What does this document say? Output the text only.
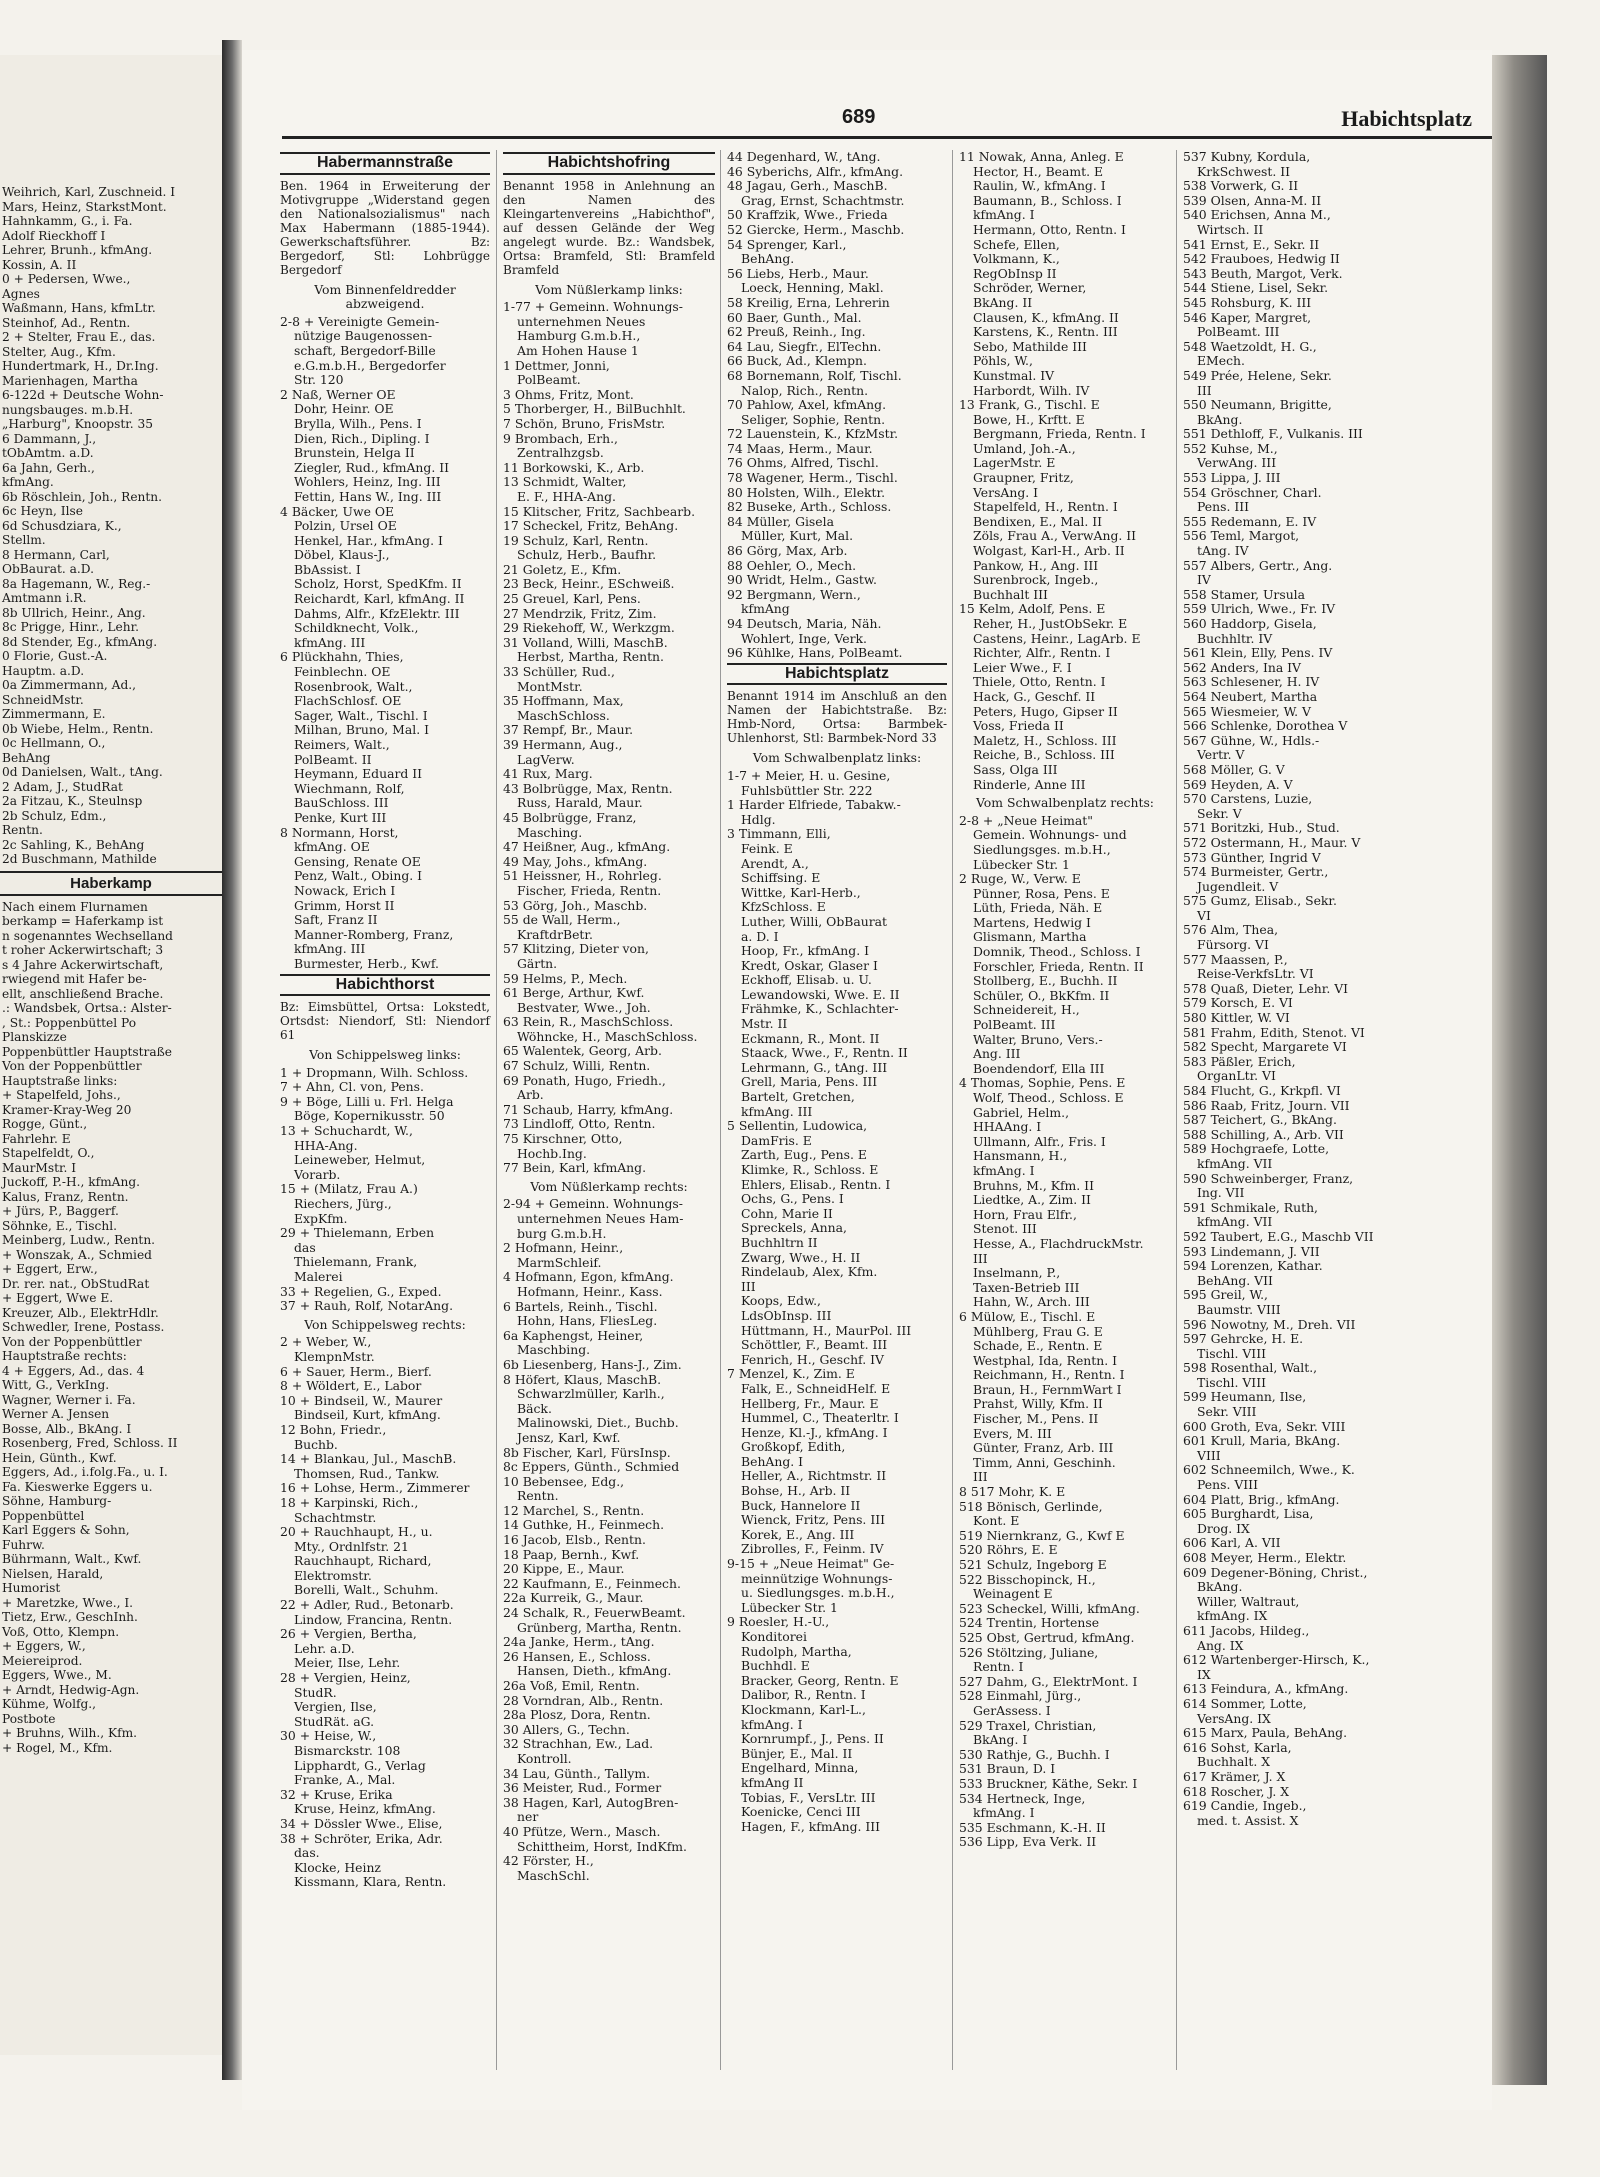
Weihrich, Karl, Zuschneid. I
Mars, Heinz, StarkstMont.
Hahnkamm, G., i. Fa.
Adolf Rieckhoff I
Lehrer, Brunh., kfmAng.
Kossin, A. II
0 + Pedersen, Wwe.,
Agnes
Waßmann, Hans, kfmLtr.
Steinhof, Ad., Rentn.
2 + Stelter, Frau E., das.
Stelter, Aug., Kfm.
Hundertmark, H., Dr.Ing.
Marienhagen, Martha
6-122d + Deutsche Wohn-
nungsbauges. m.b.H.
„Harburg", Knoopstr. 35
6 Dammann, J.,
tObAmtm. a.D.
6a Jahn, Gerh.,
kfmAng.
6b Röschlein, Joh., Rentn.
6c Heyn, Ilse
6d Schusdziara, K.,
Stellm.
8 Hermann, Carl,
ObBaurat. a.D.
8a Hagemann, W., Reg.-
Amtmann i.R.
8b Ullrich, Heinr., Ang.
8c Prigge, Hinr., Lehr.
8d Stender, Eg., kfmAng.
0 Florie, Gust.-A.
Hauptm. a.D.
0a Zimmermann, Ad.,
SchneidMstr.
Zimmermann, E.
0b Wiebe, Helm., Rentn.
0c Hellmann, O.,
BehAng
0d Danielsen, Walt., tAng.
2 Adam, J., StudRat
2a Fitzau, K., Steulnsp
2b Schulz, Edm.,
Rentn.
2c Sahling, K., BehAng
2d Buschmann, Mathilde
Haberkamp
Nach einem Flurnamen
berkamp = Haferkamp ist
n sogenanntes Wechselland
t roher Ackerwirtschaft; 3
s 4 Jahre Ackerwirtschaft,
rwiegend mit Hafer be-
ellt, anschließend Brache.
.: Wandsbek, Ortsa.: Alster-
, St.: Poppenbüttel Po
Planskizze
Poppenbüttler Hauptstraße
Von der Poppenbüttler
Hauptstraße links:
+ Stapelfeld, Johs.,
Kramer-Kray-Weg 20
Rogge, Günt.,
Fahrlehr. E
Stapelfeldt, O.,
MaurMstr. I
Juckoff, P.-H., kfmAng.
Kalus, Franz, Rentn.
+ Jürs, P., Baggerf.
Söhnke, E., Tischl.
Meinberg, Ludw., Rentn.
+ Wonszak, A., Schmied
+ Eggert, Erw.,
Dr. rer. nat., ObStudRat
+ Eggert, Wwe E.
Kreuzer, Alb., ElektrHdlr.
Schwedler, Irene, Postass.
Von der Poppenbüttler
Hauptstraße rechts:
4 + Eggers, Ad., das. 4
Witt, G., VerkIng.
Wagner, Werner i. Fa.
Werner A. Jensen
Bosse, Alb., BkAng. I
Rosenberg, Fred, Schloss. II
Hein, Günth., Kwf.
Eggers, Ad., i.folg.Fa., u. I.
Fa. Kieswerke Eggers u.
Söhne, Hamburg-
Poppenbüttel
Karl Eggers & Sohn,
Fuhrw.
Bührmann, Walt., Kwf.
Nielsen, Harald,
Humorist
+ Maretzke, Wwe., I.
Tietz, Erw., GeschInh.
Voß, Otto, Klempn.
+ Eggers, W.,
Meiereiprod.
Eggers, Wwe., M.
+ Arndt, Hedwig-Agn.
Kühme, Wolfg.,
Postbote
+ Bruhns, Wilh., Kfm.
+ Rogel, M., Kfm.
689	Habichtsplatz
Habermannstraße
Ben. 1964 in Erweiterung der Motivgruppe „Widerstand gegen den Nationalsozialismus" nach Max Habermann (1885-1944). Gewerkschaftsführer. Bz: Bergedorf, Stl: Lohbrügge Bergedorf
Vom Binnenfeldredder abzweigend.
2-8 + Vereinigte Gemein-
nützige Baugenossen-
schaft, Bergedorf-Bille
e.G.m.b.H., Bergedorfer
Str. 120
2 Naß, Werner OE
Dohr, Heinr. OE
Brylla, Wilh., Pens. I
Dien, Rich., Dipling. I
Brunstein, Helga II
Ziegler, Rud., kfmAng. II
Wohlers, Heinz, Ing. III
Fettin, Hans W., Ing. III
4 Bäcker, Uwe OE
Polzin, Ursel OE
Henkel, Har., kfmAng. I
Döbel, Klaus-J.,
BbAssist. I
Scholz, Horst, SpedKfm. II
Reichardt, Karl, kfmAng. II
Dahms, Alfr., KfzElektr. III
Schildknecht, Volk.,
kfmAng. III
6 Plückhahn, Thies,
Feinblechn. OE
Rosenbrook, Walt.,
FlachSchlosf. OE
Sager, Walt., Tischl. I
Milhan, Bruno, Mal. I
Reimers, Walt.,
PolBeamt. II
Heymann, Eduard II
Wiechmann, Rolf,
BauSchloss. III
Penke, Kurt III
8 Normann, Horst,
kfmAng. OE
Gensing, Renate OE
Penz, Walt., Obing. I
Nowack, Erich I
Grimm, Horst II
Saft, Franz II
Manner-Romberg, Franz,
kfmAng. III
Burmester, Herb., Kwf.
Habichthorst
Bz: Eimsbüttel, Ortsa: Lokstedt, Ortsdst: Niendorf, Stl: Niendorf 61
Von Schippelsweg links:
1 + Dropmann, Wilh. Schloss.
7 + Ahn, Cl. von, Pens.
9 + Böge, Lilli u. Frl. Helga
Böge, Kopernikusstr. 50
13 + Schuchardt, W.,
HHA-Ang.
Leineweber, Helmut,
Vorarb.
15 + (Milatz, Frau A.)
Riechers, Jürg.,
ExpKfm.
29 + Thielemann, Erben
das
Thielemann, Frank,
Malerei
33 + Regelien, G., Exped.
37 + Rauh, Rolf, NotarAng.
Von Schippelsweg rechts:
2 + Weber, W.,
KlempnMstr.
6 + Sauer, Herm., Bierf.
8 + Wöldert, E., Labor
10 + Bindseil, W., Maurer
Bindseil, Kurt, kfmAng.
12 Bohn, Friedr.,
Buchb.
14 + Blankau, Jul., MaschB.
Thomsen, Rud., Tankw.
16 + Lohse, Herm., Zimmerer
18 + Karpinski, Rich.,
Schachtmstr.
20 + Rauchhaupt, H., u.
Mty., Ordnlfstr. 21
Rauchhaupt, Richard,
Elektromstr.
Borelli, Walt., Schuhm.
22 + Adler, Rud., Betonarb.
Lindow, Francina, Rentn.
26 + Vergien, Bertha,
Lehr. a.D.
Meier, Ilse, Lehr.
28 + Vergien, Heinz,
StudR.
Vergien, Ilse,
StudRät. aG.
30 + Heise, W.,
Bismarckstr. 108
Lipphardt, G., Verlag
Franke, A., Mal.
32 + Kruse, Erika
Kruse, Heinz, kfmAng.
34 + Dössler Wwe., Elise,
38 + Schröter, Erika, Adr.
das.
Klocke, Heinz
Kissmann, Klara, Rentn.
Habichtshofring
Benannt 1958 in Anlehnung an den Namen des Kleingartenvereins „Habichthof", auf dessen Gelände der Weg angelegt wurde. Bz.: Wandsbek, Ortsa: Bramfeld, Stl: Bramfeld Bramfeld
Vom Nüßlerkamp links:
1-77 + Gemeinn. Wohnungs-
unternehmen Neues
Hamburg G.m.b.H.,
Am Hohen Hause 1
1 Dettmer, Jonni,
PolBeamt.
3 Ohms, Fritz, Mont.
5 Thorberger, H., BilBuchhlt.
7 Schön, Bruno, FrisMstr.
9 Brombach, Erh.,
Zentralhzgsb.
11 Borkowski, K., Arb.
13 Schmidt, Walter,
E. F., HHA-Ang.
15 Klitscher, Fritz, Sachbearb.
17 Scheckel, Fritz, BehAng.
19 Schulz, Karl, Rentn.
Schulz, Herb., Baufhr.
21 Goletz, E., Kfm.
23 Beck, Heinr., ESchweiß.
25 Greuel, Karl, Pens.
27 Mendrzik, Fritz, Zim.
29 Riekehoff, W., Werkzgm.
31 Volland, Willi, MaschB.
Herbst, Martha, Rentn.
33 Schüller, Rud.,
MontMstr.
35 Hoffmann, Max,
MaschSchloss.
37 Rempf, Br., Maur.
39 Hermann, Aug.,
LagVerw.
41 Rux, Marg.
43 Bolbrügge, Max, Rentn.
Russ, Harald, Maur.
45 Bolbrügge, Franz,
Masching.
47 Heißner, Aug., kfmAng.
49 May, Johs., kfmAng.
51 Heissner, H., Rohrleg.
Fischer, Frieda, Rentn.
53 Görg, Joh., Maschb.
55 de Wall, Herm.,
KraftdrBetr.
57 Klitzing, Dieter von,
Gärtn.
59 Helms, P., Mech.
61 Berge, Arthur, Kwf.
Bestvater, Wwe., Joh.
63 Rein, R., MaschSchloss.
Wöhncke, H., MaschSchloss.
65 Walentek, Georg, Arb.
67 Schulz, Willi, Rentn.
69 Ponath, Hugo, Friedh.,
Arb.
71 Schaub, Harry, kfmAng.
73 Lindloff, Otto, Rentn.
75 Kirschner, Otto,
Hochb.Ing.
77 Bein, Karl, kfmAng.
Vom Nüßlerkamp rechts:
2-94 + Gemeinn. Wohnungs-
unternehmen Neues Ham-
burg G.m.b.H.
2 Hofmann, Heinr.,
MarmSchleif.
4 Hofmann, Egon, kfmAng.
Hofmann, Heinr., Kass.
6 Bartels, Reinh., Tischl.
Hohn, Hans, FliesLeg.
6a Kaphengst, Heiner,
Maschbing.
6b Liesenberg, Hans-J., Zim.
8 Höfert, Klaus, MaschB.
Schwarzlmüller, Karlh.,
Bäck.
Malinowski, Diet., Buchb.
Jensz, Karl, Kwf.
8b Fischer, Karl, FürsInsp.
8c Eppers, Günth., Schmied
10 Bebensee, Edg.,
Rentn.
12 Marchel, S., Rentn.
14 Guthke, H., Feinmech.
16 Jacob, Elsb., Rentn.
18 Paap, Bernh., Kwf.
20 Kippe, E., Maur.
22 Kaufmann, E., Feinmech.
22a Kurreik, G., Maur.
24 Schalk, R., FeuerwBeamt.
Grünberg, Martha, Rentn.
24a Janke, Herm., tAng.
26 Hansen, E., Schloss.
Hansen, Dieth., kfmAng.
26a Voß, Emil, Rentn.
28 Vorndran, Alb., Rentn.
28a Plosz, Dora, Rentn.
30 Allers, G., Techn.
32 Strachhan, Ew., Lad.
Kontroll.
34 Lau, Günth., Tallym.
36 Meister, Rud., Former
38 Hagen, Karl, AutogBren-
ner
40 Pfütze, Wern., Masch.
Schittheim, Horst, IndKfm.
42 Förster, H.,
MaschSchl.
44 Degenhard, W., tAng.
46 Syberichs, Alfr., kfmAng.
48 Jagau, Gerh., MaschB.
Grag, Ernst, Schachtmstr.
50 Kraffzik, Wwe., Frieda
52 Giercke, Herm., Maschb.
54 Sprenger, Karl.,
BehAng.
56 Liebs, Herb., Maur.
Loeck, Henning, Makl.
58 Kreilig, Erna, Lehrerin
60 Baer, Gunth., Mal.
62 Preuß, Reinh., Ing.
64 Lau, Siegfr., ElTechn.
66 Buck, Ad., Klempn.
68 Bornemann, Rolf, Tischl.
Nalop, Rich., Rentn.
70 Pahlow, Axel, kfmAng.
Seliger, Sophie, Rentn.
72 Lauenstein, K., KfzMstr.
74 Maas, Herm., Maur.
76 Ohms, Alfred, Tischl.
78 Wagener, Herm., Tischl.
80 Holsten, Wilh., Elektr.
82 Buseke, Arth., Schloss.
84 Müller, Gisela
Müller, Kurt, Mal.
86 Görg, Max, Arb.
88 Oehler, O., Mech.
90 Wridt, Helm., Gastw.
92 Bergmann, Wern.,
kfmAng
94 Deutsch, Maria, Näh.
Wohlert, Inge, Verk.
96 Kühlke, Hans, PolBeamt.
Habichtsplatz
Benannt 1914 im Anschluß an den Namen der Habichtstraße. Bz: Hmb-Nord, Ortsa: Barmbek-Uhlenhorst, Stl: Barmbek-Nord 33
Vom Schwalbenplatz links:
1-7 + Meier, H. u. Gesine,
Fuhlsbüttler Str. 222
1 Harder Elfriede, Tabakw.-
Hdlg.
3 Timmann, Elli,
Feink. E
Arendt, A.,
Schiffsing. E
Wittke, Karl-Herb.,
KfzSchloss. E
Luther, Willi, ObBaurat
a. D. I
Hoop, Fr., kfmAng. I
Kredt, Oskar, Glaser I
Eckhoff, Elisab. u. U.
Lewandowski, Wwe. E. II
Frähmke, K., Schlachter-
Mstr. II
Eckmann, R., Mont. II
Staack, Wwe., F., Rentn. II
Lehrmann, G., tAng. III
Grell, Maria, Pens. III
Bartelt, Gretchen,
kfmAng. III
5 Sellentin, Ludowica,
DamFris. E
Zarth, Eug., Pens. E
Klimke, R., Schloss. E
Ehlers, Elisab., Rentn. I
Ochs, G., Pens. I
Cohn, Marie II
Spreckels, Anna,
Buchhltrn II
Zwarg, Wwe., H. II
Rindelaub, Alex, Kfm.
III
Koops, Edw.,
LdsObInsp. III
Hüttmann, H., MaurPol. III
Schöttler, F., Beamt. III
Fenrich, H., Geschf. IV
7 Menzel, K., Zim. E
Falk, E., SchneidHelf. E
Hellberg, Fr., Maur. E
Hummel, C., Theaterltr. I
Henze, Kl.-J., kfmAng. I
Großkopf, Edith,
BehAng. I
Heller, A., Richtmstr. II
Bohse, H., Arb. II
Buck, Hannelore II
Wienck, Fritz, Pens. III
Korek, E., Ang. III
Zibrolles, F., Feinm. IV
9-15 + „Neue Heimat" Ge-
meinnützige Wohnungs-
u. Siedlungsges. m.b.H.,
Lübecker Str. 1
9 Roesler, H.-U.,
Konditorei
Rudolph, Martha,
Buchhdl. E
Bracker, Georg, Rentn. E
Dalibor, R., Rentn. I
Klockmann, Karl-L.,
kfmAng. I
Kornrumpf., J., Pens. II
Bünjer, E., Mal. II
Engelhard, Minna,
kfmAng II
Tobias, F., VersLtr. III
Koenicke, Cenci III
Hagen, F., kfmAng. III
11 Nowak, Anna, Anleg. E
Hector, H., Beamt. E
Raulin, W., kfmAng. I
Baumann, B., Schloss. I
kfmAng. I
Hermann, Otto, Rentn. I
Schefe, Ellen,
Volkmann, K.,
RegObInsp II
Schröder, Werner,
BkAng. II
Clausen, K., kfmAng. II
Karstens, K., Rentn. III
Sebo, Mathilde III
Pöhls, W.,
Kunstmal. IV
Harbordt, Wilh. IV
13 Frank, G., Tischl. E
Bowe, H., Krftt. E
Bergmann, Frieda, Rentn. I
Umland, Joh.-A.,
LagerMstr. E
Graupner, Fritz,
VersAng. I
Stapelfeld, H., Rentn. I
Bendixen, E., Mal. II
Zöls, Frau A., VerwAng. II
Wolgast, Karl-H., Arb. II
Pankow, H., Ang. III
Surenbrock, Ingeb.,
Buchhalt III
15 Kelm, Adolf, Pens. E
Reher, H., JustObSekr. E
Castens, Heinr., LagArb. E
Richter, Alfr., Rentn. I
Leier Wwe., F. I
Thiele, Otto, Rentn. I
Hack, G., Geschf. II
Peters, Hugo, Gipser II
Voss, Frieda II
Maletz, H., Schloss. III
Reiche, B., Schloss. III
Sass, Olga III
Rinderle, Anne III
Vom Schwalbenplatz rechts:
2-8 + „Neue Heimat"
Gemein. Wohnungs- und
Siedlungsges. m.b.H.,
Lübecker Str. 1
2 Ruge, W., Verw. E
Pünner, Rosa, Pens. E
Lüth, Frieda, Näh. E
Martens, Hedwig I
Glismann, Martha
Domnik, Theod., Schloss. I
Forschler, Frieda, Rentn. II
Stollberg, E., Buchh. II
Schüler, O., BkKfm. II
Schneidereit, H.,
PolBeamt. III
Walter, Bruno, Vers.-
Ang. III
Boendendorf, Ella III
4 Thomas, Sophie, Pens. E
Wolf, Theod., Schloss. E
Gabriel, Helm.,
HHAAng. I
Ullmann, Alfr., Fris. I
Hansmann, H.,
kfmAng. I
Bruhns, M., Kfm. II
Liedtke, A., Zim. II
Horn, Frau Elfr.,
Stenot. III
Hesse, A., FlachdruckMstr.
III
Inselmann, P.,
Taxen-Betrieb III
Hahn, W., Arch. III
6 Mülow, E., Tischl. E
Mühlberg, Frau G. E
Schade, E., Rentn. E
Westphal, Ida, Rentn. I
Reichmann, H., Rentn. I
Braun, H., FernmWart I
Prahst, Willy, Kfm. II
Fischer, M., Pens. II
Evers, M. III
Günter, Franz, Arb. III
Timm, Anni, Geschinh.
III
8 517 Mohr, K. E
518 Bönisch, Gerlinde,
Kont. E
519 Niernkranz, G., Kwf E
520 Röhrs, E. E
521 Schulz, Ingeborg E
522 Bisschopinck, H.,
Weinagent E
523 Scheckel, Willi, kfmAng.
524 Trentin, Hortense
525 Obst, Gertrud, kfmAng.
526 Stöltzing, Juliane,
Rentn. I
527 Dahm, G., ElektrMont. I
528 Einmahl, Jürg.,
GerAssess. I
529 Traxel, Christian,
BkAng. I
530 Rathje, G., Buchh. I
531 Braun, D. I
533 Bruckner, Käthe, Sekr. I
534 Hertneck, Inge,
kfmAng. I
535 Eschmann, K.-H. II
536 Lipp, Eva Verk. II
537 Kubny, Kordula,
KrkSchwest. II
538 Vorwerk, G. II
539 Olsen, Anna-M. II
540 Erichsen, Anna M.,
Wirtsch. II
541 Ernst, E., Sekr. II
542 Frauboes, Hedwig II
543 Beuth, Margot, Verk.
544 Stiene, Lisel, Sekr.
545 Rohsburg, K. III
546 Kaper, Margret,
PolBeamt. III
548 Waetzoldt, H. G.,
EMech.
549 Prée, Helene, Sekr.
III
550 Neumann, Brigitte,
BkAng.
551 Dethloff, F., Vulkanis. III
552 Kuhse, M.,
VerwAng. III
553 Lippa, J. III
554 Gröschner, Charl.
Pens. III
555 Redemann, E. IV
556 Teml, Margot,
tAng. IV
557 Albers, Gertr., Ang.
IV
558 Stamer, Ursula
559 Ulrich, Wwe., Fr. IV
560 Haddorp, Gisela,
Buchhltr. IV
561 Klein, Elly, Pens. IV
562 Anders, Ina IV
563 Schlesener, H. IV
564 Neubert, Martha
565 Wiesmeier, W. V
566 Schlenke, Dorothea V
567 Gühne, W., Hdls.-
Vertr. V
568 Möller, G. V
569 Heyden, A. V
570 Carstens, Luzie,
Sekr. V
571 Boritzki, Hub., Stud.
572 Ostermann, H., Maur. V
573 Günther, Ingrid V
574 Burmeister, Gertr.,
Jugendleit. V
575 Gumz, Elisab., Sekr.
VI
576 Alm, Thea,
Fürsorg. VI
577 Maassen, P.,
Reise-VerkfsLtr. VI
578 Quaß, Dieter, Lehr. VI
579 Korsch, E. VI
580 Kittler, W. VI
581 Frahm, Edith, Stenot. VI
582 Specht, Margarete VI
583 Päßler, Erich,
OrganLtr. VI
584 Flucht, G., Krkpfl. VI
586 Raab, Fritz, Journ. VII
587 Teichert, G., BkAng.
588 Schilling, A., Arb. VII
589 Hochgraefe, Lotte,
kfmAng. VII
590 Schweinberger, Franz,
Ing. VII
591 Schmikale, Ruth,
kfmAng. VII
592 Taubert, E.G., Maschb VII
593 Lindemann, J. VII
594 Lorenzen, Kathar.
BehAng. VII
595 Greil, W.,
Baumstr. VIII
596 Nowotny, M., Dreh. VII
597 Gehrcke, H. E.
Tischl. VIII
598 Rosenthal, Walt.,
Tischl. VIII
599 Heumann, Ilse,
Sekr. VIII
600 Groth, Eva, Sekr. VIII
601 Krull, Maria, BkAng.
VIII
602 Schneemilch, Wwe., K.
Pens. VIII
604 Platt, Brig., kfmAng.
605 Burghardt, Lisa,
Drog. IX
606 Karl, A. VII
608 Meyer, Herm., Elektr.
609 Degener-Böning, Christ.,
BkAng.
Willer, Waltraut,
kfmAng. IX
611 Jacobs, Hildeg.,
Ang. IX
612 Wartenberger-Hirsch, K.,
IX
613 Feindura, A., kfmAng.
614 Sommer, Lotte,
VersAng. IX
615 Marx, Paula, BehAng.
616 Sohst, Karla,
Buchhalt. X
617 Krämer, J. X
618 Roscher, J. X
619 Candie, Ingeb.,
med. t. Assist. X
